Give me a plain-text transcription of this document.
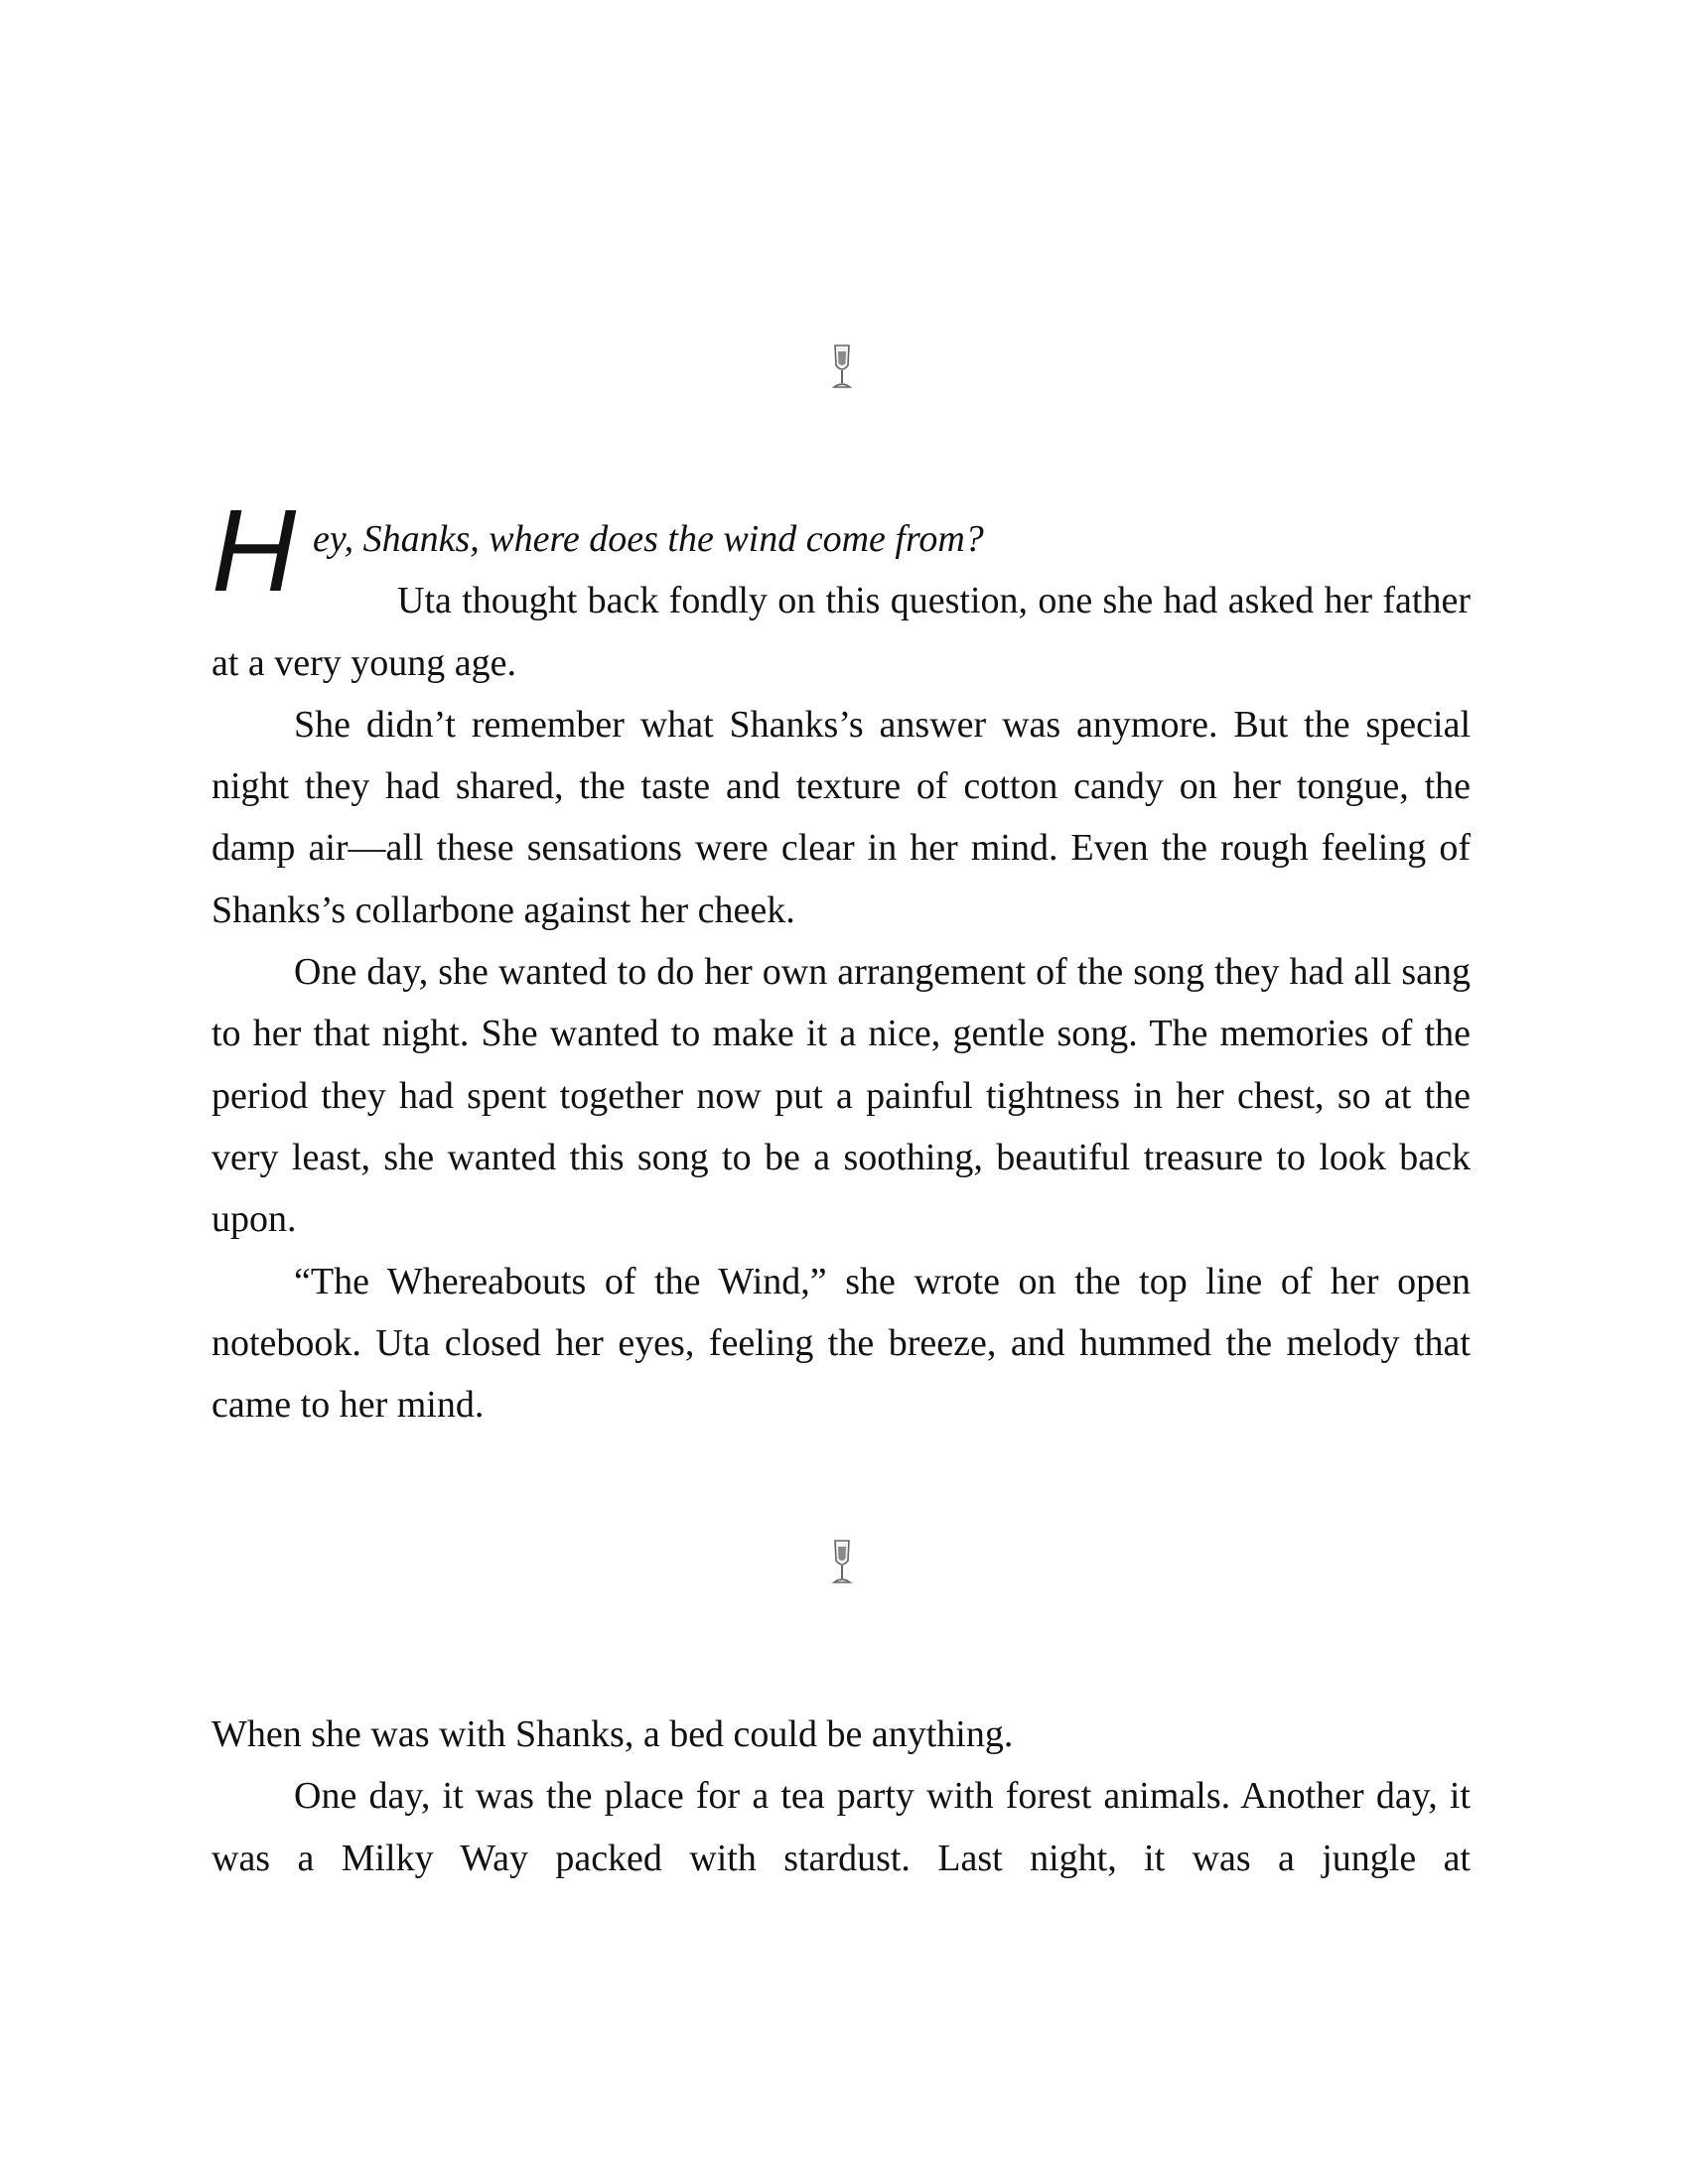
H ey, Shanks, where does the wind come from?

Uta thought back fondly on this question, one she had asked her father at a very young age.

She didn’t remember what Shanks’s answer was anymore. But the special night they had shared, the taste and texture of cotton candy on her tongue, the damp air—all these sensations were clear in her mind. Even the rough feeling of Shanks’s collarbone against her cheek.

One day, she wanted to do her own arrangement of the song they had all sang to her that night. She wanted to make it a nice, gentle song. The memories of the period they had spent together now put a painful tightness in her chest, so at the very least, she wanted this song to be a soothing, beautiful treasure to look back upon.

“The Whereabouts of the Wind,” she wrote on the top line of her open notebook. Uta closed her eyes, feeling the breeze, and hummed the melody that came to her mind.

When she was with Shanks, a bed could be anything.

One day, it was the place for a tea party with forest animals. Another day, it was a Milky Way packed with stardust. Last night, it was a jungle at
